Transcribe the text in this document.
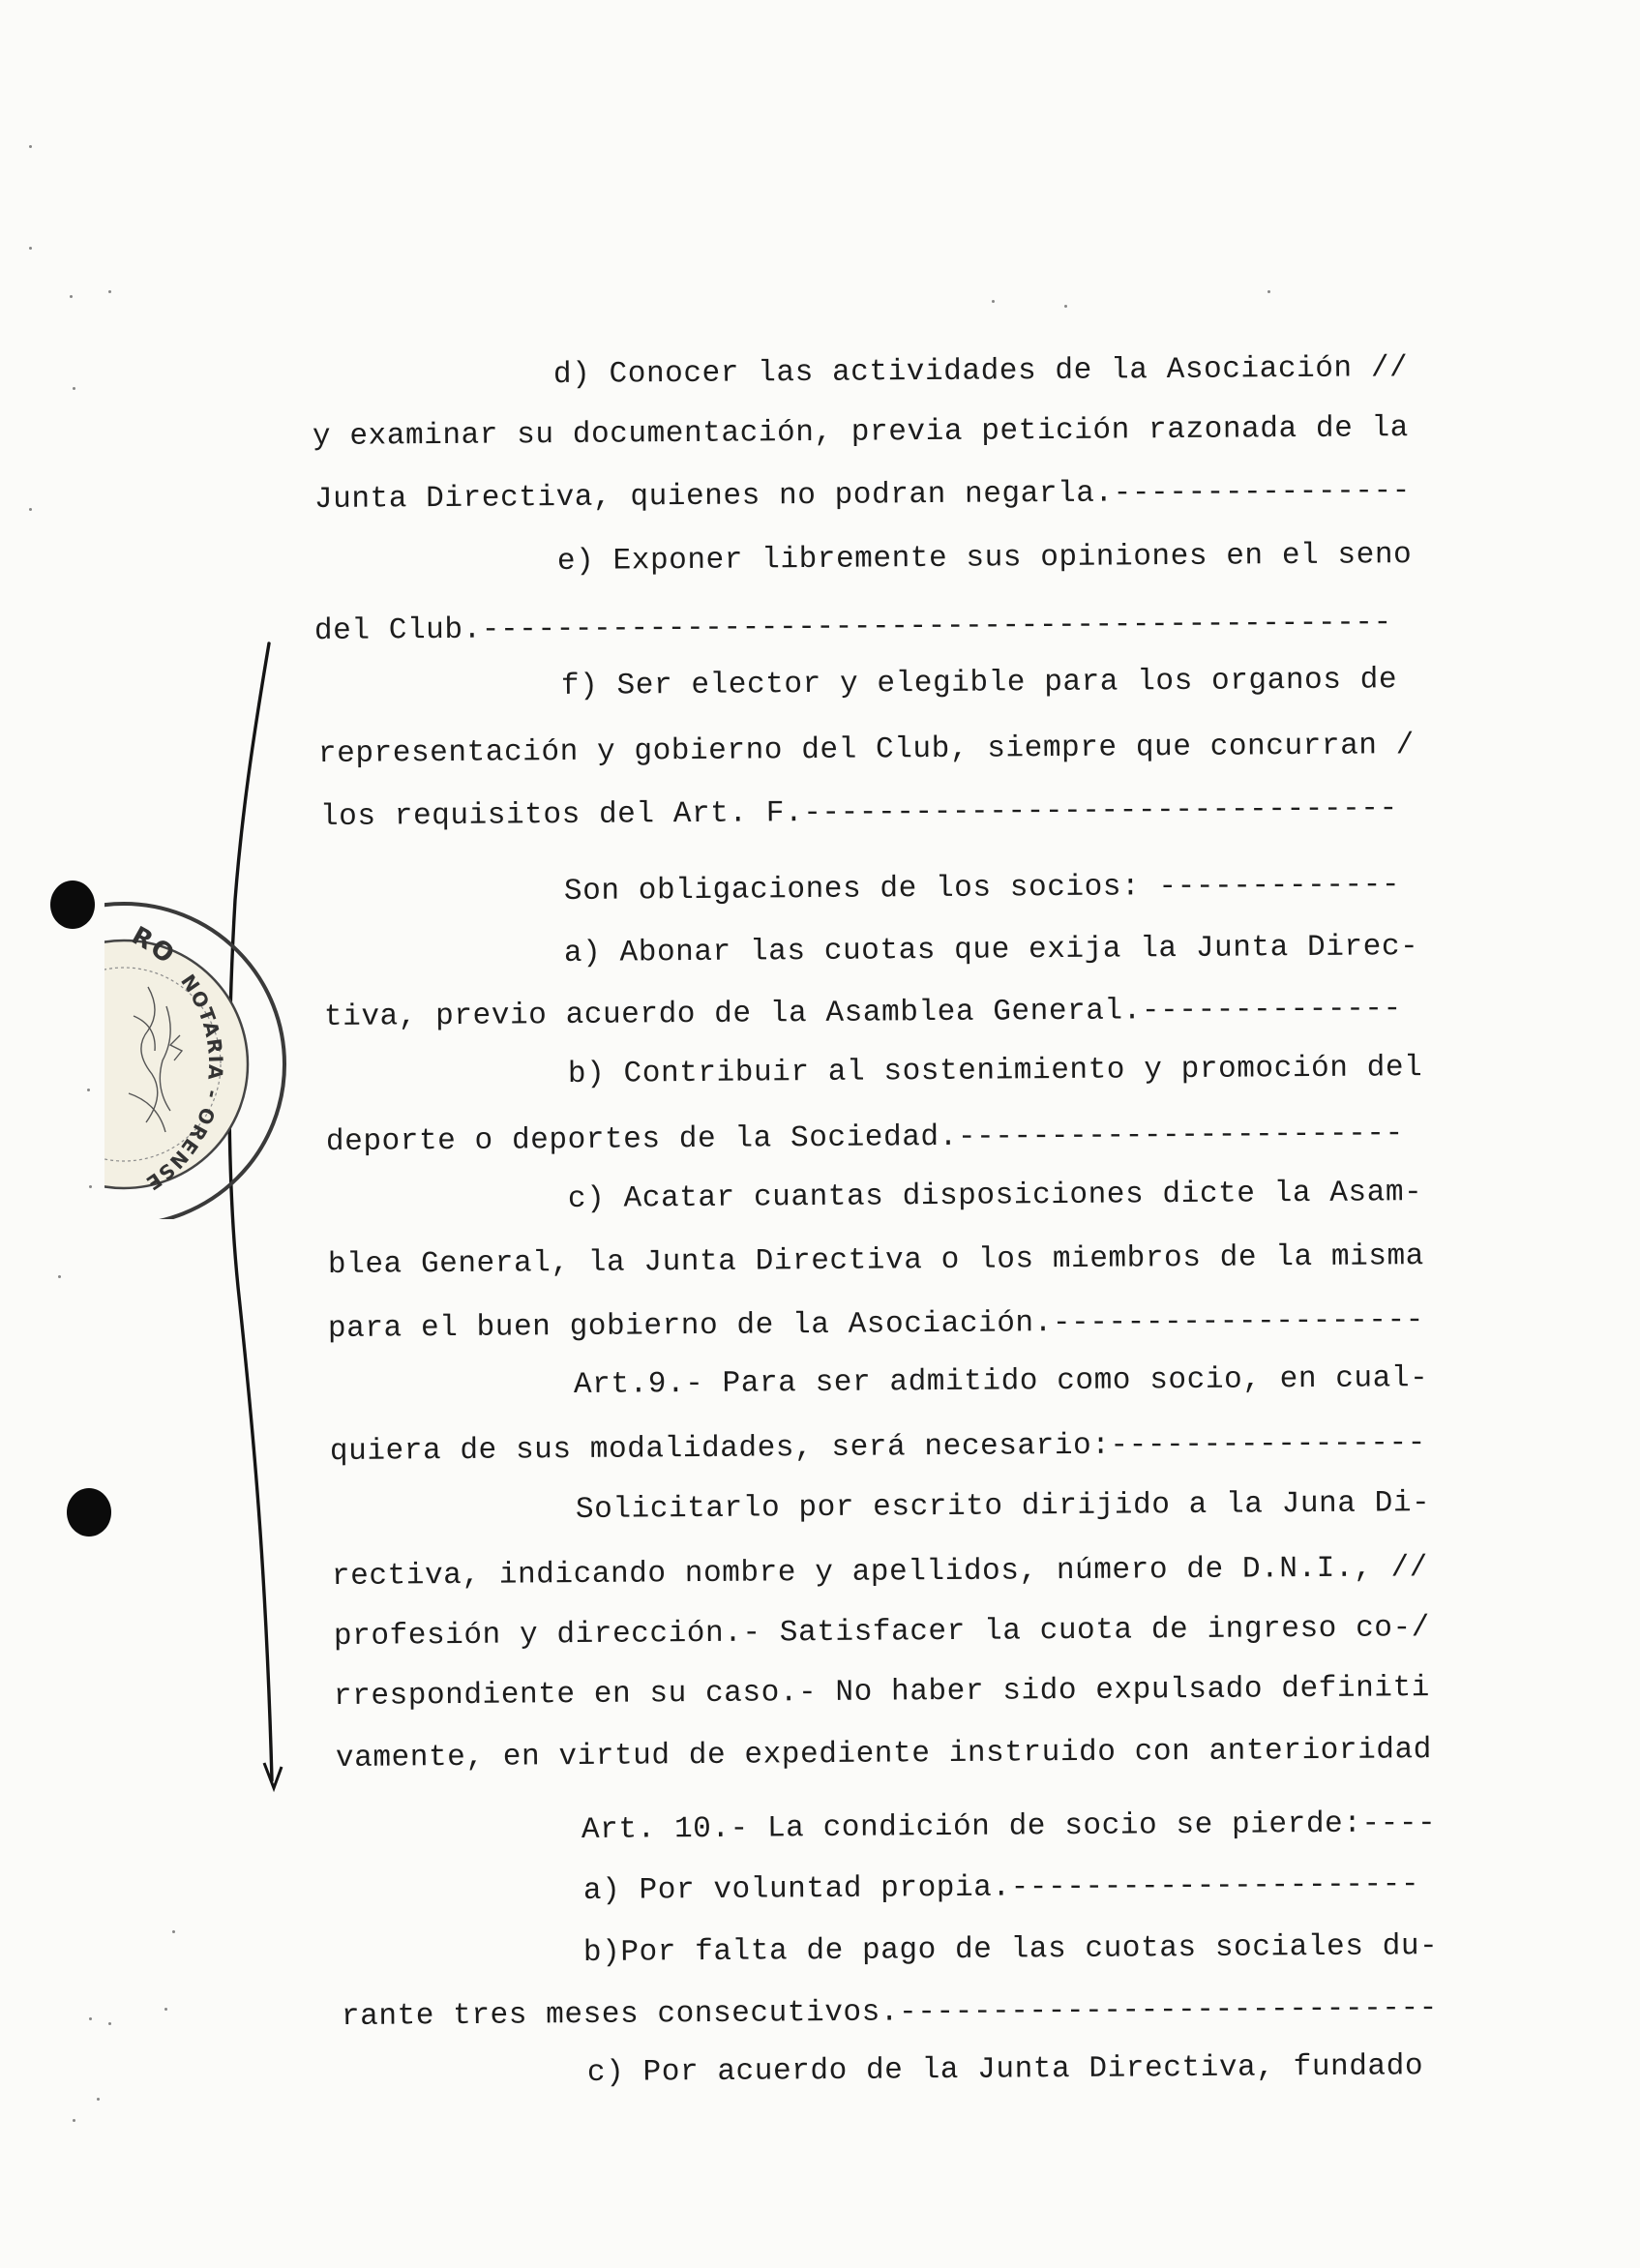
RO
NOTARIA - ORENSE
d) Conocer las actividades de la Asociación //
y examinar su documentación, previa petición razonada de la
Junta Directiva, quienes no podran negarla.----------------
e) Exponer libremente sus opiniones en el seno
del Club.-------------------------------------------------
f) Ser elector y elegible para los organos de
representación y gobierno del Club, siempre que concurran /
los requisitos del Art. F.--------------------------------
Son obligaciones de los socios: -------------
a) Abonar las cuotas que exija la Junta Direc-
tiva, previo acuerdo de la Asamblea General.--------------
b) Contribuir al sostenimiento y promoción del
deporte o deportes de la Sociedad.------------------------
c) Acatar cuantas disposiciones dicte la Asam-
blea General, la Junta Directiva o los miembros de la misma
para el buen gobierno de la Asociación.--------------------
Art.9.- Para ser admitido como socio, en cual-
quiera de sus modalidades, será necesario:-----------------
Solicitarlo por escrito dirijido a la Juna Di-
rectiva, indicando nombre y apellidos, número de D.N.I., //
profesión y dirección.- Satisfacer la cuota de ingreso co-/
rrespondiente en su caso.- No haber sido expulsado definiti
vamente, en virtud de expediente instruido con anterioridad
Art. 10.- La condición de socio se pierde:----
a) Por voluntad propia.----------------------
b)Por falta de pago de las cuotas sociales du-
rante tres meses consecutivos.-----------------------------
c) Por acuerdo de la Junta Directiva, fundado
